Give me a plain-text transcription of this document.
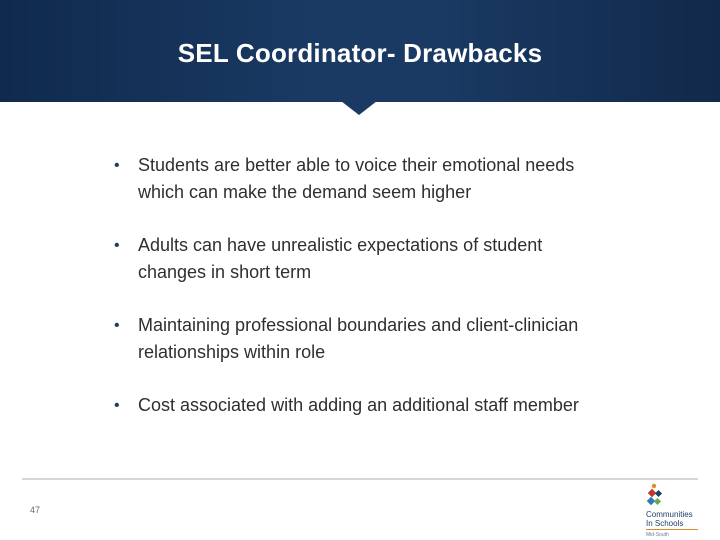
SEL Coordinator- Drawbacks
• Students are better able to voice their emotional needs which can make the demand seem higher
• Adults can have unrealistic expectations of student changes in short term
• Maintaining professional boundaries and client-clinician relationships within role
• Cost associated with adding an additional staff member
47	Communities
In Schools
Mid-South
